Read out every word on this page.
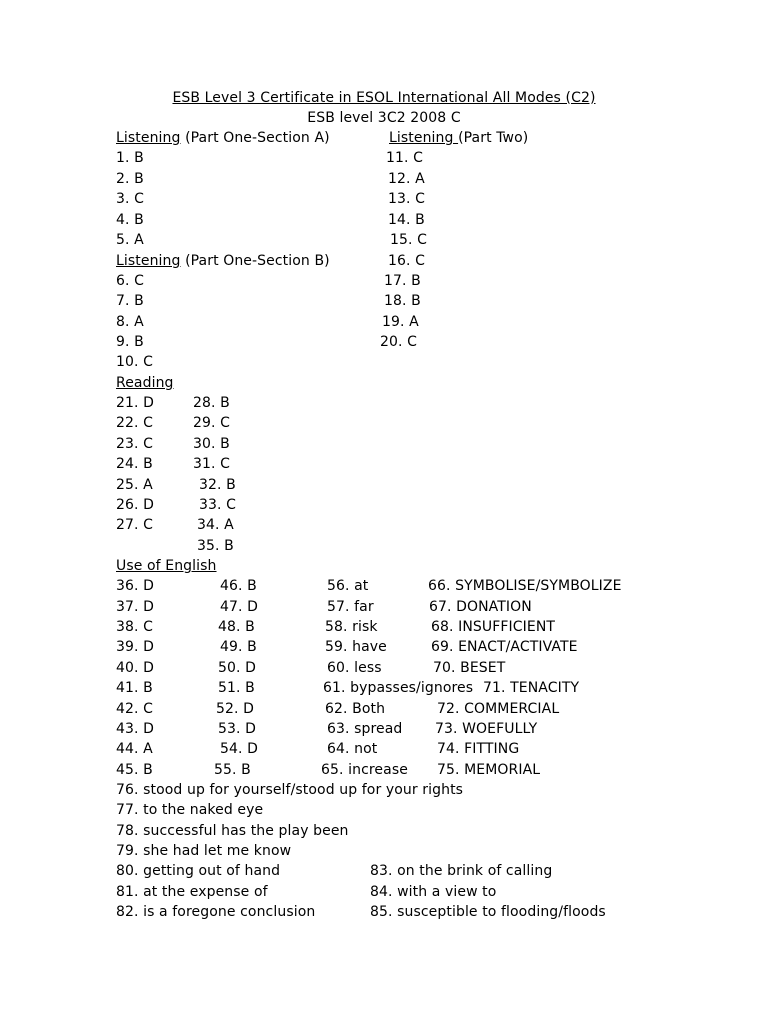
ESB Level 3 Certificate in ESOL International All Modes (C2)
ESB level 3C2 2008 C
Listening (Part One-Section A)	Listening (Part Two)
1. B
2. B
3. C
4. B
5. A
11. C
12. A
13. C
14. B
15. C
16. C
17. B
18. B
19. A
20. C
Listening (Part One-Section B)
6. C
7. B
8. A
9. B
10. C
Reading
21. D
22. C
23. C
24. B
25. A
26. D
27. C
28. B
29. C
30. B
31. C
32. B
33. C
34. A
35. B
Use of English
36. D
37. D
38. C
39. D
40. D
41. B
42. C
43. D
44. A
45. B
46. B
47. D
48. B
49. B
50. D
51. B
52. D
53. D
54. D
55. B
56. at
57. far
58. risk
59. have
60. less
61. bypasses/ignores
62. Both
63. spread
64. not
65. increase
66. SYMBOLISE/SYMBOLIZE
67. DONATION
68. INSUFFICIENT
69. ENACT/ACTIVATE
70. BESET
71. TENACITY
72. COMMERCIAL
73. WOEFULLY
74. FITTING
75. MEMORIAL
76. stood up for yourself/stood up for your rights
77. to the naked eye
78. successful has the play been
79. she had let me know
80. getting out of hand
81. at the expense of
82. is a foregone conclusion
83. on the brink of calling
84. with a view to
85. susceptible to flooding/floods
